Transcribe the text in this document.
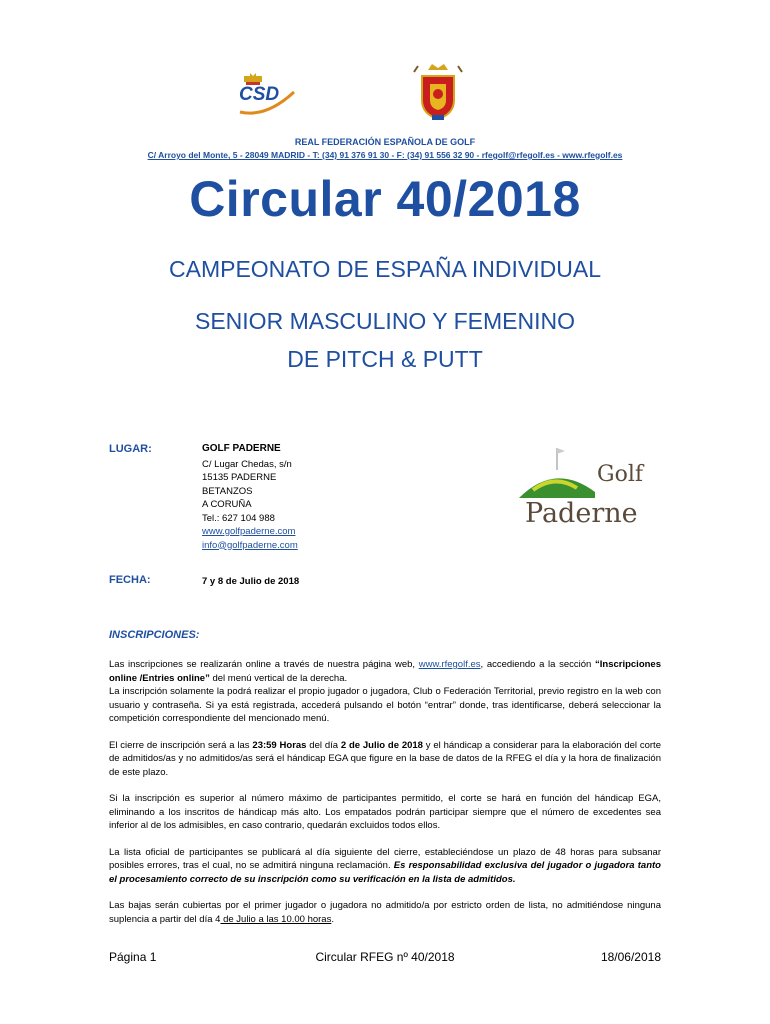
CSD
REAL FEDERACIÓN ESPAÑOLA DE GOLF
C/ Arroyo del Monte, 5 - 28049 MADRID - T: (34) 91 376 91 30 - F: (34) 91 556 32 90 - rfegolf@rfegolf.es - www.rfegolf.es
Circular 40/2018
CAMPEONATO DE ESPAÑA INDIVIDUAL
SENIOR MASCULINO Y FEMENINO
DE PITCH & PUTT
LUGAR:	GOLF PADERNE
C/ Lugar Chedas, s/n
15135 PADERNE
BETANZOS
A CORUÑA
Tel.: 627 104 988
www.golfpaderne.com
info@golfpaderne.com
Golf
Paderne
FECHA:	7 y 8 de Julio de 2018
INSCRIPCIONES:

Las inscripciones se realizarán online a través de nuestra página web, www.rfegolf.es, accediendo a la sección “Inscripciones online /Entries online” del menú vertical de la derecha.
La inscripción solamente la podrá realizar el propio jugador o jugadora, Club o Federación Territorial, previo registro en la web con usuario y contraseña. Si ya está registrada, accederá pulsando el botón “entrar” donde, tras identificarse, deberá seleccionar la competición correspondiente del mencionado menú.

El cierre de inscripción será a las 23:59 Horas del día 2 de Julio de 2018 y el hándicap a considerar para la elaboración del corte de admitidos/as y no admitidos/as será el hándicap EGA que figure en la base de datos de la RFEG el día y la hora de finalización de este plazo.

Si la inscripción es superior al número máximo de participantes permitido, el corte se hará en función del hándicap EGA, eliminando a los inscritos de hándicap más alto. Los empatados podrán participar siempre que el número de excedentes sea inferior al de los admisibles, en caso contrario, quedarán excluidos todos ellos.

La lista oficial de participantes se publicará al día siguiente del cierre, estableciéndose un plazo de 48 horas para subsanar posibles errores, tras el cual, no se admitirá ninguna reclamación. Es responsabilidad exclusiva del jugador o jugadora tanto el procesamiento correcto de su inscripción como su verificación en la lista de admitidos.

Las bajas serán cubiertas por el primer jugador o jugadora no admitido/a por estricto orden de lista, no admitiéndose ninguna suplencia a partir del día 4 de Julio a las 10.00 horas.

Página 1	Circular RFEG nº 40/2018	18/06/2018
